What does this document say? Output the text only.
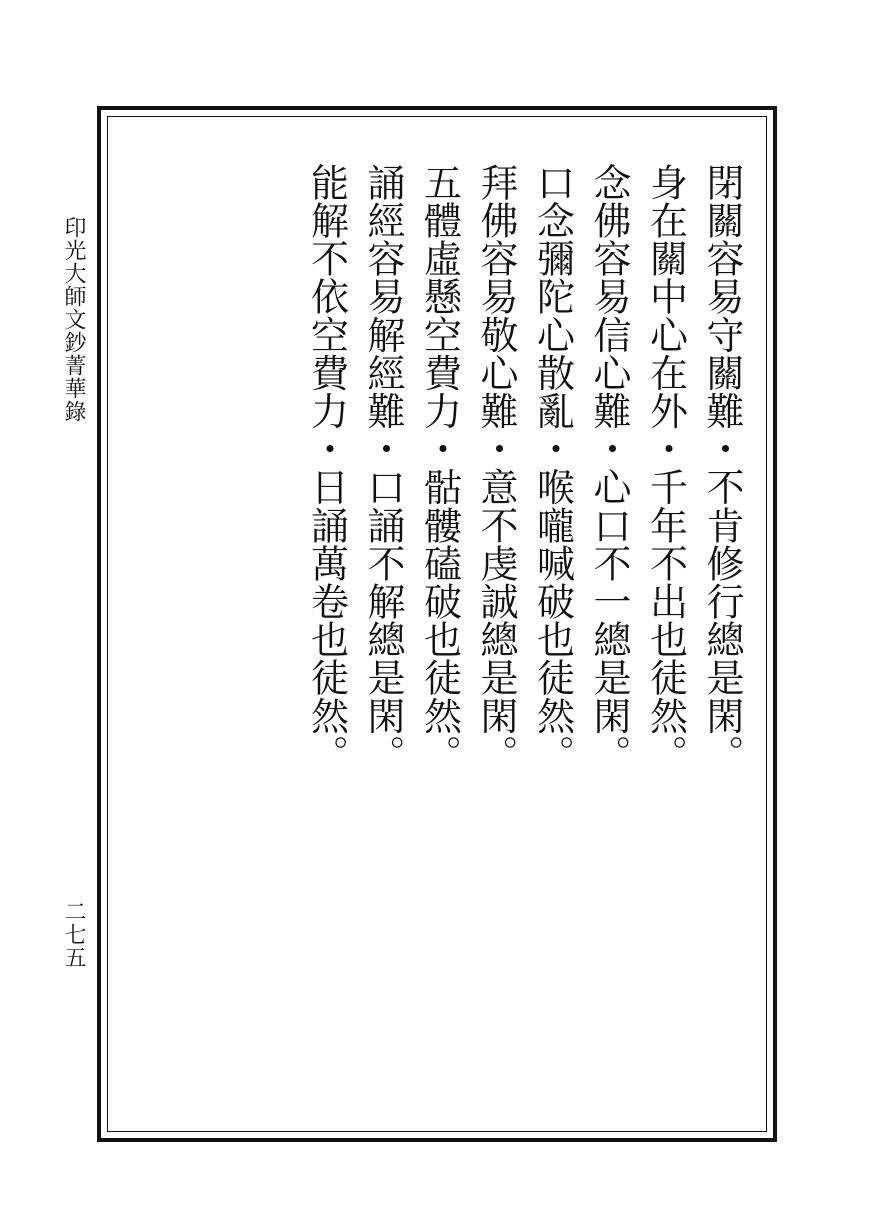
印光大師文鈔菁華錄
二七五
閉關容易守關難・不肯修行總是閑。
身在關中心在外・千年不出也徒然。
念佛容易信心難・心口不一總是閑。
口念彌陀心散亂・喉嚨喊破也徒然。
拜佛容易敬心難・意不虔誠總是閑。
五體虛懸空費力・骷髏磕破也徒然。
誦經容易解經難・口誦不解總是閑。
能解不依空費力・日誦萬卷也徒然。
